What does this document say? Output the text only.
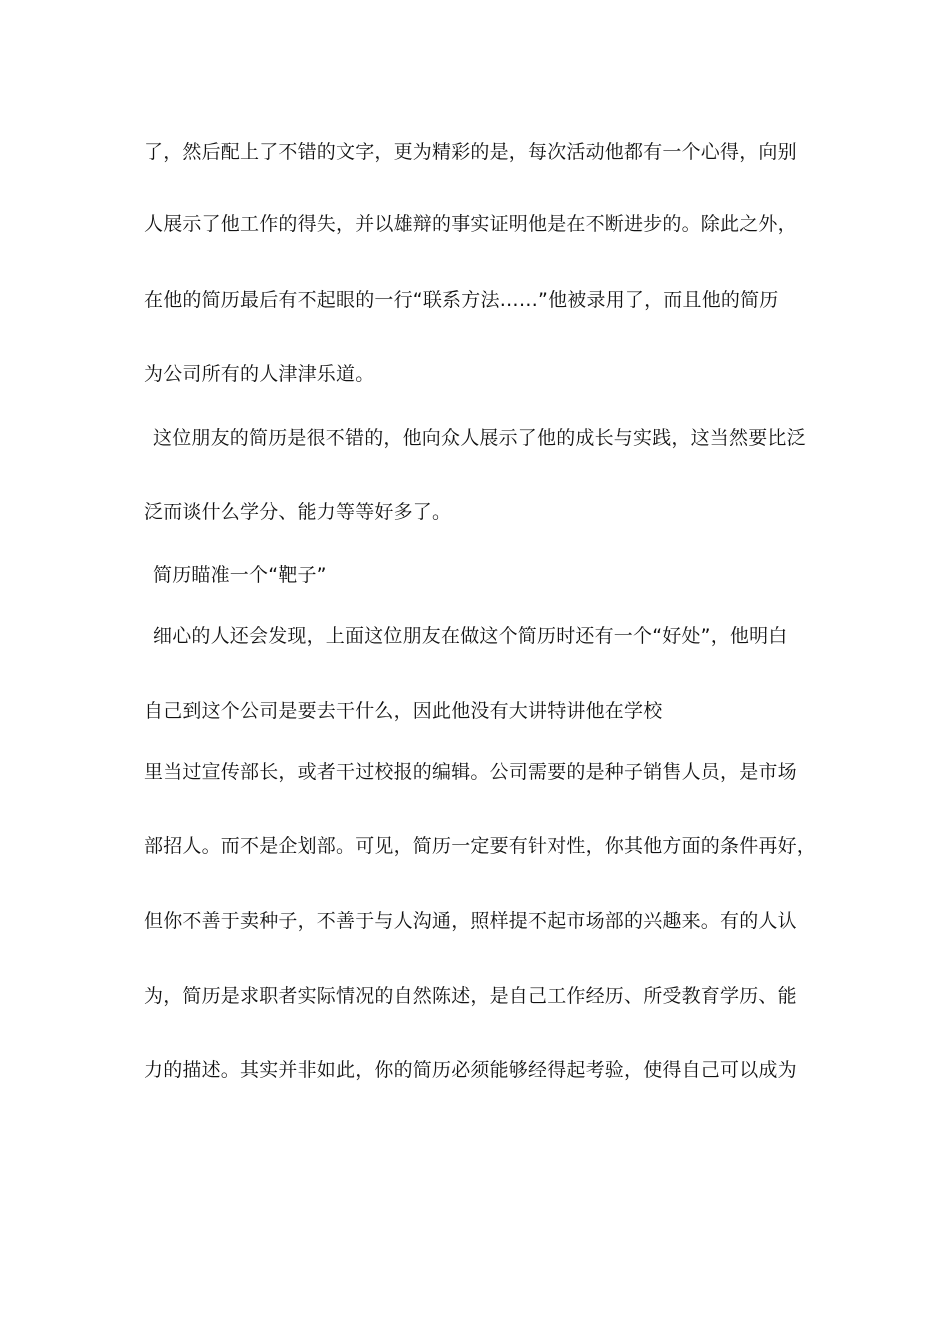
了，然后配上了不错的文字，更为精彩的是，每次活动他都有一个心得，向别
人展示了他工作的得失，并以雄辩的事实证明他是在不断进步的。除此之外，
在他的简历最后有不起眼的一行“联系方法……”他被录用了，而且他的简历
为公司所有的人津津乐道。
这位朋友的简历是很不错的，他向众人展示了他的成长与实践，这当然要比泛
泛而谈什么学分、能力等等好多了。
简历瞄准一个“靶子”
细心的人还会发现，上面这位朋友在做这个简历时还有一个“好处”，他明白
自己到这个公司是要去干什么，因此他没有大讲特讲他在学校
里当过宣传部长，或者干过校报的编辑。公司需要的是种子销售人员，是市场
部招人。而不是企划部。可见，简历一定要有针对性，你其他方面的条件再好，
但你不善于卖种子，不善于与人沟通，照样提不起市场部的兴趣来。有的人认
为，简历是求职者实际情况的自然陈述，是自己工作经历、所受教育学历、能
力的描述。其实并非如此，你的简历必须能够经得起考验，使得自己可以成为
